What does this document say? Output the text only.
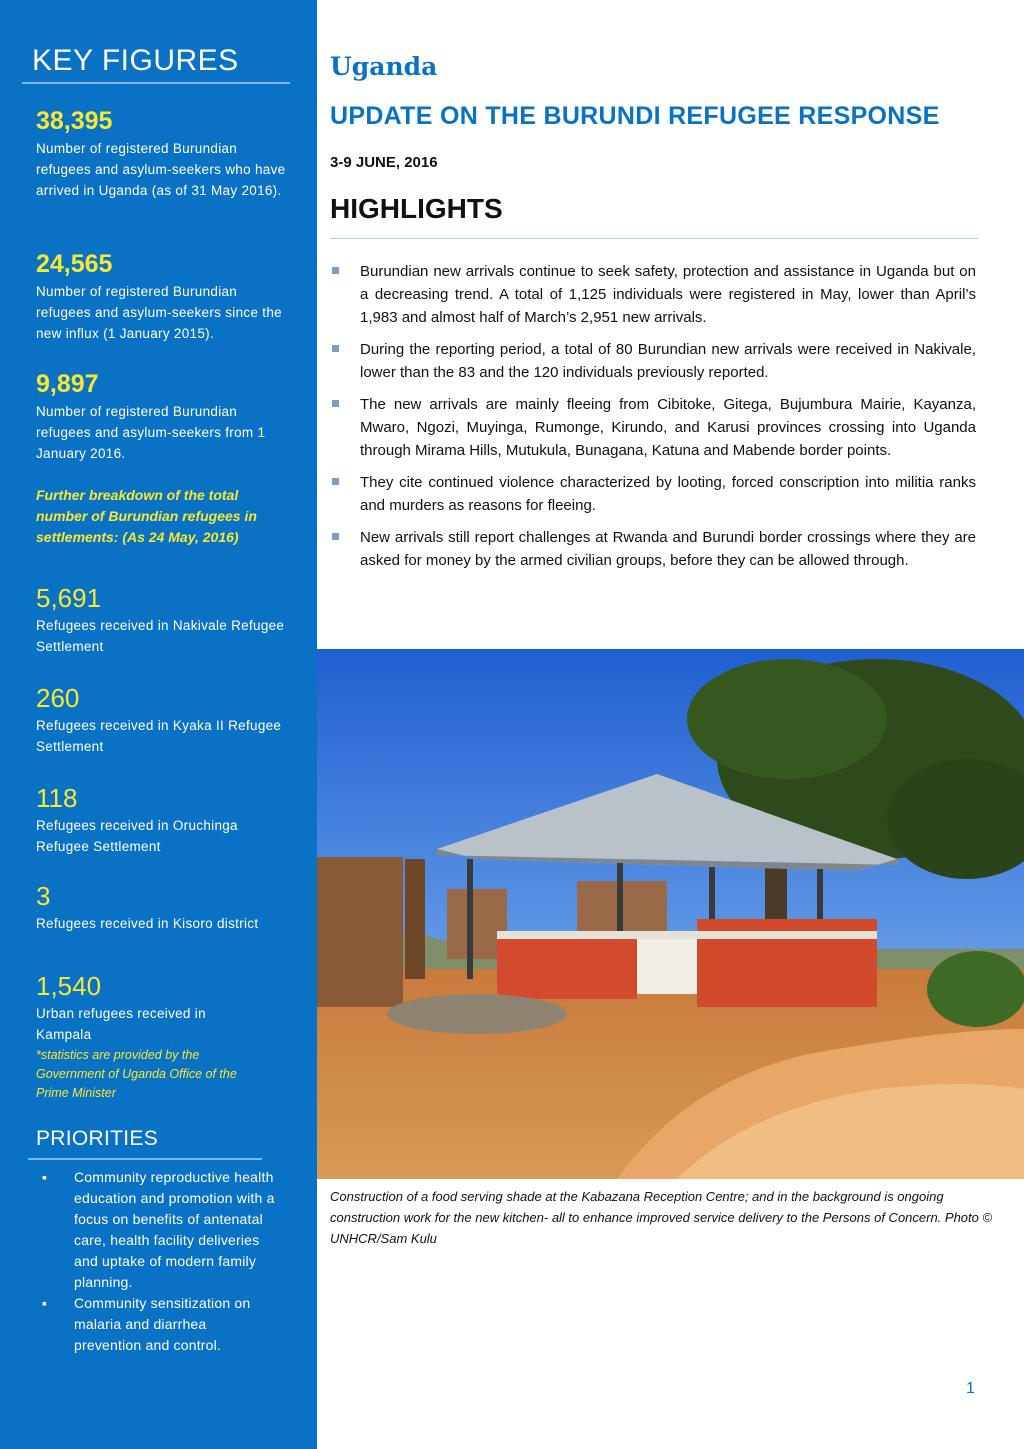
KEY FIGURES
38,395
Number of registered Burundian refugees and asylum-seekers who have arrived in Uganda (as of 31 May 2016).
24,565
Number of registered Burundian refugees and asylum-seekers since the new influx (1 January 2015).
9,897
Number of registered Burundian refugees and asylum-seekers from 1 January 2016.
Further breakdown of the total number of Burundian refugees in settlements: (As 24 May, 2016)
5,691
Refugees received in Nakivale Refugee Settlement
260
Refugees received in Kyaka II Refugee Settlement
118
Refugees received in Oruchinga Refugee Settlement
3
Refugees received in Kisoro district
1,540
Urban refugees received in Kampala
*statistics are provided by the Government of Uganda Office of the Prime Minister
PRIORITIES
▪ Community reproductive health education and promotion with a focus on benefits of antenatal care, health facility deliveries and uptake of modern family planning.
▪ Community sensitization on malaria and diarrhea prevention and control.
Uganda
UPDATE ON THE BURUNDI REFUGEE RESPONSE
3-9 JUNE, 2016
HIGHLIGHTS
Burundian new arrivals continue to seek safety, protection and assistance in Uganda but on a decreasing trend. A total of 1,125 individuals were registered in May, lower than April’s 1,983 and almost half of March’s 2,951 new arrivals.
During the reporting period, a total of 80 Burundian new arrivals were received in Nakivale, lower than the 83 and the 120 individuals previously reported.
The new arrivals are mainly fleeing from Cibitoke, Gitega, Bujumbura Mairie, Kayanza, Mwaro, Ngozi, Muyinga, Rumonge, Kirundo, and Karusi provinces crossing into Uganda through Mirama Hills, Mutukula, Bunagana, Katuna and Mabende border points.
They cite continued violence characterized by looting, forced conscription into militia ranks and murders as reasons for fleeing.
New arrivals still report challenges at Rwanda and Burundi border crossings where they are asked for money by the armed civilian groups, before they can be allowed through.
Construction of a food serving shade at the Kabazana Reception Centre; and in the background is ongoing construction work for the new kitchen- all to enhance improved service delivery to the Persons of Concern. Photo © UNHCR/Sam Kulu
1
